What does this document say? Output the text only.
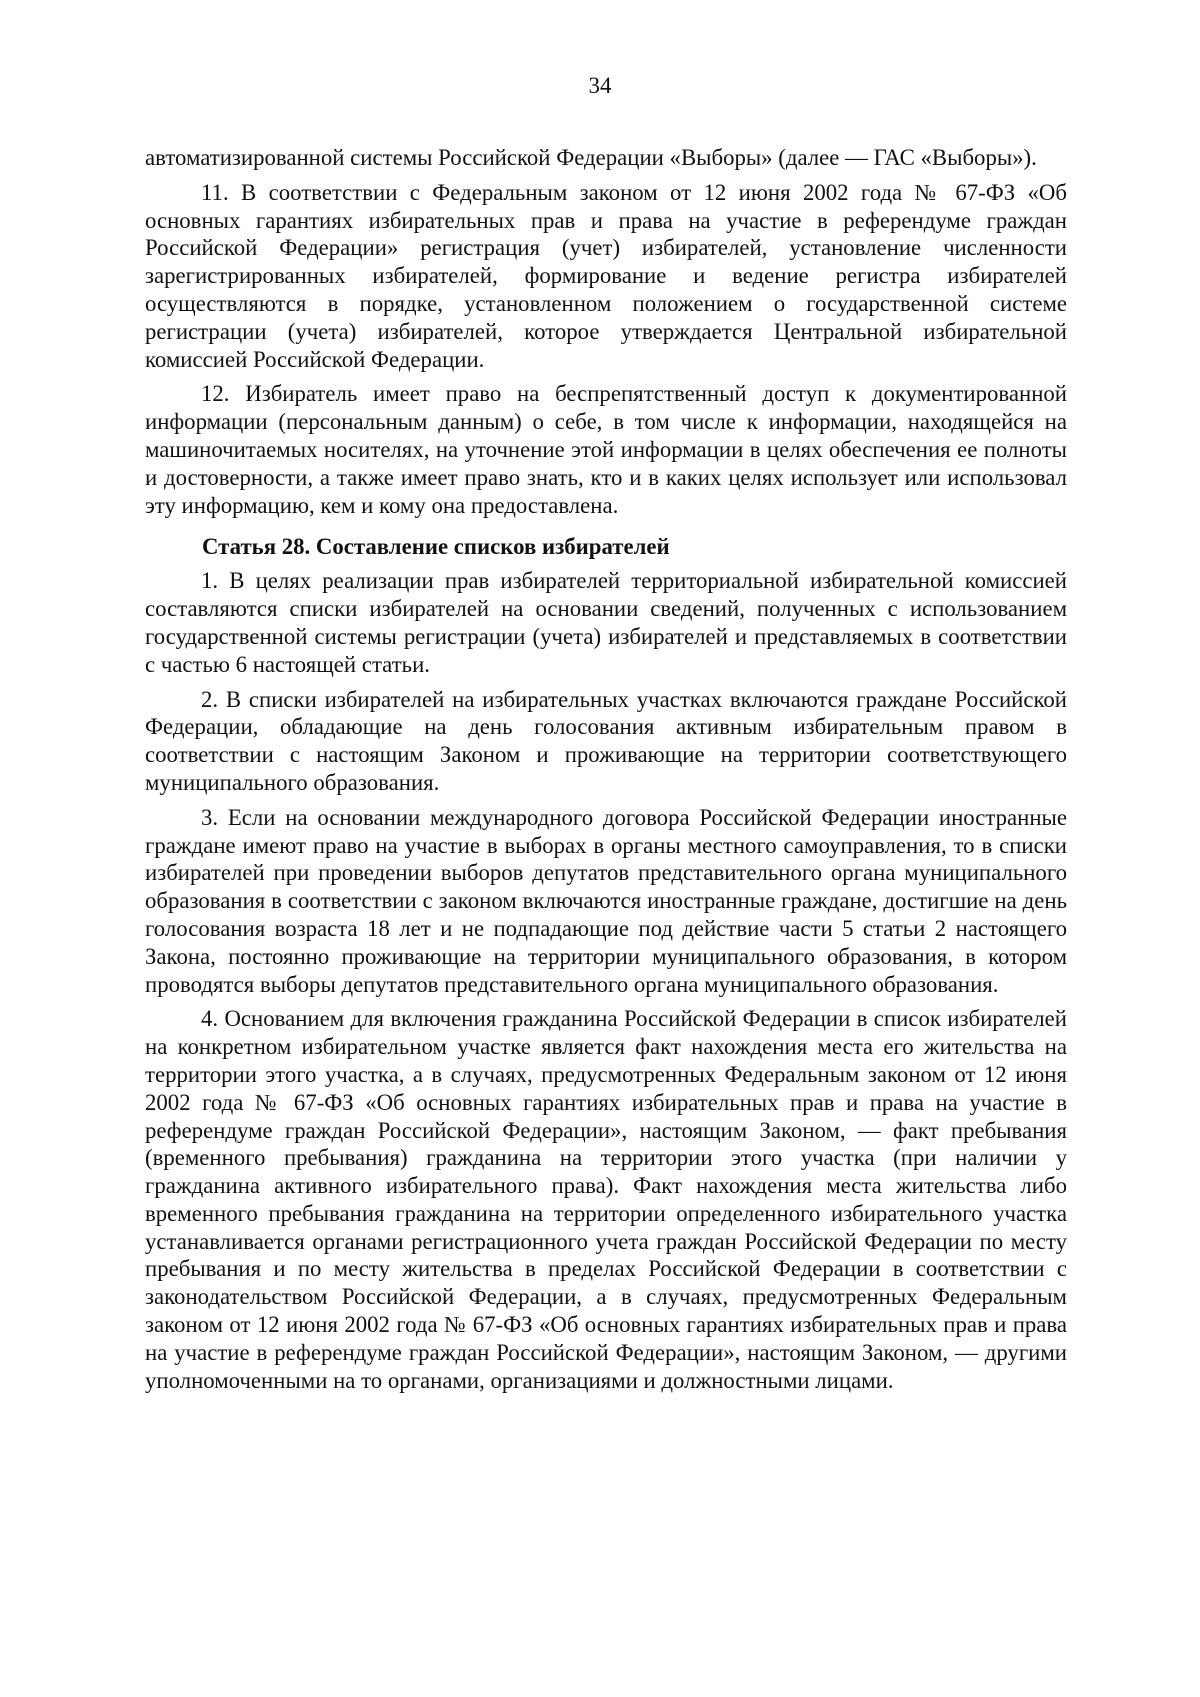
34

автоматизированной системы Российской Федерации «Выборы» (далее — ГАС «Выборы»).

11. В соответствии с Федеральным законом от 12 июня 2002 года № 67-ФЗ «Об основных гарантиях избирательных прав и права на участие в референдуме граждан Российской Федерации» регистрация (учет) избирателей, установление численности зарегистрированных избирателей, формирование и ведение регистра избирателей осуществляются в порядке, установленном положением о государственной системе регистрации (учета) избирателей, которое утверждается Центральной избирательной комиссией Российской Федерации.

12. Избиратель имеет право на беспрепятственный доступ к документированной информации (персональным данным) о себе, в том числе к информации, находящейся на машиночитаемых носителях, на уточнение этой информации в целях обеспечения ее полноты и достоверности, а также имеет право знать, кто и в каких целях использует или использовал эту информацию, кем и кому она предоставлена.

Статья 28. Составление списков избирателей

1. В целях реализации прав избирателей территориальной избирательной комиссией составляются списки избирателей на основании сведений, полученных с использованием государственной системы регистрации (учета) избирателей и представляемых в соответствии с частью 6 настоящей статьи.

2. В списки избирателей на избирательных участках включаются граждане Российской Федерации, обладающие на день голосования активным избирательным правом в соответствии с настоящим Законом и проживающие на территории соответствующего муниципального образования.

3. Если на основании международного договора Российской Федерации иностранные граждане имеют право на участие в выборах в органы местного самоуправления, то в списки избирателей при проведении выборов депутатов представительного органа муниципального образования в соответствии с законом включаются иностранные граждане, достигшие на день голосования возраста 18 лет и не подпадающие под действие части 5 статьи 2 настоящего Закона, постоянно проживающие на территории муниципального образования, в котором проводятся выборы депутатов представительного органа муниципального образования.

4. Основанием для включения гражданина Российской Федерации в список избирателей на конкретном избирательном участке является факт нахождения места его жительства на территории этого участка, а в случаях, предусмотренных Федеральным законом от 12 июня 2002 года № 67-ФЗ «Об основных гарантиях избирательных прав и права на участие в референдуме граждан Российской Федерации», настоящим Законом, — факт пребывания (временного пребывания) гражданина на территории этого участка (при наличии у гражданина активного избирательного права). Факт нахождения места жительства либо временного пребывания гражданина на территории определенного избирательного участка устанавливается органами регистрационного учета граждан Российской Федерации по месту пребывания и по месту жительства в пределах Российской Федерации в соответствии с законодательством Российской Федерации, а в случаях, предусмотренных Федеральным законом от 12 июня 2002 года № 67-ФЗ «Об основных гарантиях избирательных прав и права на участие в референдуме граждан Российской Федерации», настоящим Законом, — другими уполномоченными на то органами, организациями и должностными лицами.
